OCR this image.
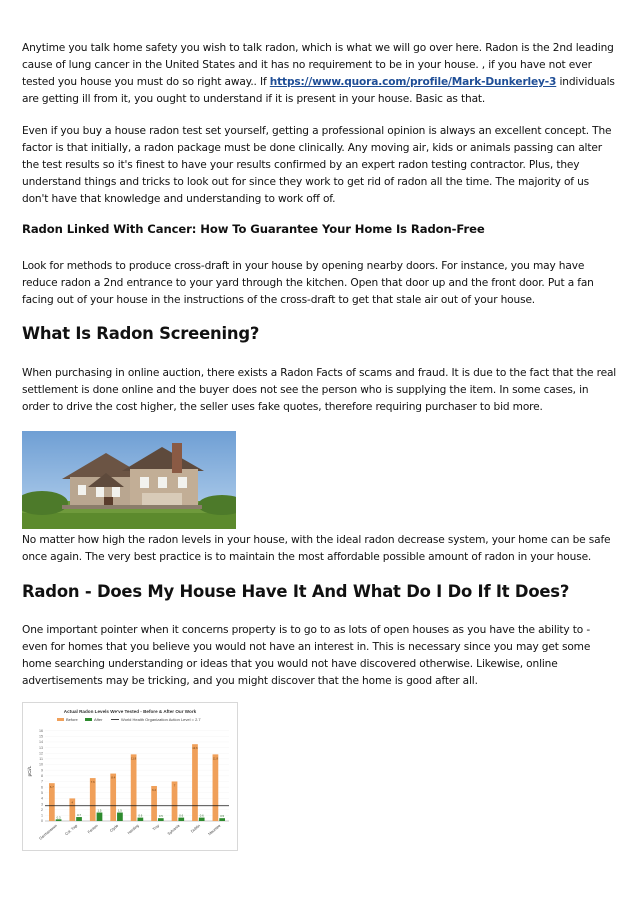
Anytime you talk home safety you wish to talk radon, which is what we will go over here. Radon is the 2nd leading cause of lung cancer in the United States and it has no requirement to be in your house. , if you have not ever tested you house you must do so right away.. If https://www.quora.com/profile/Mark-Dunkerley-3 individuals are getting ill from it, you ought to understand if it is present in your house. Basic as that.

Even if you buy a house radon test set yourself, getting a professional opinion is always an excellent concept. The factor is that initially, a radon package must be done clinically. Any moving air, kids or animals passing can alter the test results so it's finest to have your results confirmed by an expert radon testing contractor. Plus, they understand things and tricks to look out for since they work to get rid of radon all the time. The majority of us don't have that knowledge and understanding to work off of.

Radon Linked With Cancer: How To Guarantee Your Home Is Radon-Free

Look for methods to produce cross-draft in your house by opening nearby doors. For instance, you may have reduce radon a 2nd entrance to your yard through the kitchen. Open that door up and the front door. Put a fan facing out of your house in the instructions of the cross-draft to get that stale air out of your house.

What Is Radon Screening?

When purchasing in online auction, there exists a Radon Facts of scams and fraud. It is due to the fact that the real settlement is done online and the buyer does not see the person who is supplying the item. In some cases, in order to drive the cost higher, the seller uses fake quotes, therefore requiring purchaser to bid more.

No matter how high the radon levels in your house, with the ideal radon decrease system, your home can be safe once again. The very best practice is to maintain the most affordable possible amount of radon in your house.

Radon - Does My House Have It And What Do I Do If It Does?

One important pointer when it concerns property is to go to as lots of open houses as you have the ability to - even for homes that you believe you would not have an interest in. This is necessary since you may get some home searching understanding or ideas that you would not have discovered otherwise. Likewise, online advertisements may be tricking, and you might discover that the home is good after all.

Actual Radon Levels We've Tested - Before & After Our Work
Before	After	World Health Organization Action Level = 2.7
pCi/L
0
1
2
3
4
5
6
7
8
9
10
11
12
13
14
15
16
6.7
0.3
Germantown
4
0.7
Col. Twp
7.6
1.5
Fenton
8.4
1.5
Clyde
11.8
0.6
Harding
6.2
0.5
Troy
7
0.6
Sylvania
13.6
0.6
Dublin
11.8
0.5
Maumee
